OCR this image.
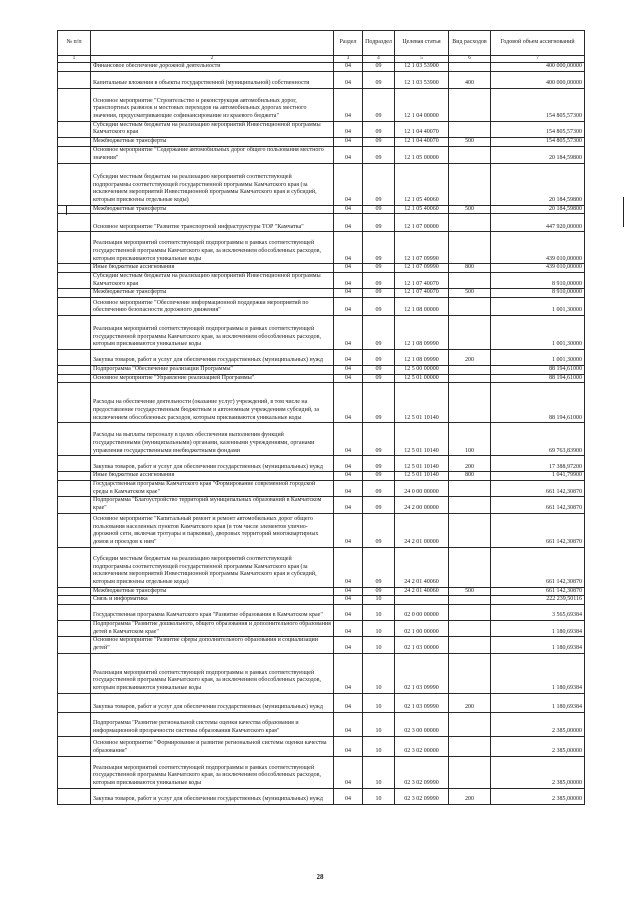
№ п/п		Раздел	Подраздел	Целевая статья	Вид расходов	Годовой объем ассигнований
1	2	3	4	5	6	7
	Финансовое обеспечение дорожной деятельности	04	09	12 1 03 53900		400 000,00000
	Капитальные вложения в объекты государственной (муниципальной) собственности	04	09	12 1 03 53900	400	400 000,00000
	Основное мероприятие "Строительство и реконструкция автомобильных дорог, транспортных развязок и мостовых переходов на автомобильных дорогах местного значения, предусматривающие софинансирование из краевого бюджета"	04	09	12 1 04 00000		154 805,57300
	Субсидии местным бюджетам на реализацию мероприятий Инвестиционной программы Камчатского края	04	09	12 1 04 40070		154 805,57300
	Межбюджетные трансферты	04	09	12 1 04 40070	500	154 805,57300
	Основное мероприятие "Содержание автомобильных дорог общего пользования местного значения"	04	09	12 1 05 00000		20 184,59800
	Субсидии местным бюджетам на реализацию мероприятий соответствующей подпрограммы соответствующей государственной программы Камчатского края (за исключением мероприятий Инвестиционной программы Камчатского края и субсидий, которым присвоены отдельные коды)	04	09	12 1 05 40060		20 184,59800
	Межбюджетные трансферты	04	09	12 1 05 40060	500	20 184,59800
	Основное мероприятие "Развитие транспортной инфраструктуры ТОР "Камчатка"	04	09	12 1 07 00000		447 920,00000
	Реализация мероприятий соответствующей подпрограммы в рамках соответствующей государственной программы Камчатского края, за исключением обособленных расходов, которым присваиваются уникальные коды	04	09	12 1 07 09990		439 010,00000
	Иные бюджетные ассигнования	04	09	12 1 07 09990	800	439 010,00000
	Субсидии местным бюджетам на реализацию мероприятий Инвестиционной программы Камчатского края	04	09	12 1 07 40070		8 910,00000
	Межбюджетные трансферты	04	09	12 1 07 40070	500	8 910,00000
	Основное мероприятие "Обеспечение информационной поддержки мероприятий по обеспечению безопасности дорожного движения"	04	09	12 1 08 00000		1 001,30000
	Реализация мероприятий соответствующей подпрограммы в рамках соответствующей государственной программы Камчатского края, за исключением обособленных расходов, которым присваиваются уникальные коды	04	09	12 1 08 09990		1 001,30000
	Закупка товаров, работ и услуг для обеспечения государственных (муниципальных) нужд	04	09	12 1 08 09990	200	1 001,30000
	Подпрограмма "Обеспечение реализации Программы"	04	09	12 5 00 00000		88 194,61000
	Основное мероприятие "Управление реализацией Программы"	04	09	12 5 01 00000		88 194,61000
	Расходы на обеспечение деятельности (оказание услуг) учреждений, в том числе на предоставление государственным бюджетным и автономным учреждениям субсидий, за исключением обособленных расходов, которым присваиваются уникальные коды	04	09	12 5 01 10140		88 194,61000
	Расходы на выплаты персоналу в целях обеспечения выполнения функций государственными (муниципальными) органами, казенными учреждениями, органами управления государственными внебюджетными фондами	04	09	12 5 01 10140	100	69 763,83900
	Закупка товаров, работ и услуг для обеспечения государственных (муниципальных) нужд	04	09	12 5 01 10140	200	17 388,97200
	Иные бюджетные ассигнования	04	09	12 5 01 10140	800	1 041,79900
	Государственная программа Камчатского края "Формирование современной городской среды в Камчатском крае"	04	09	24 0 00 00000		661 142,30870
	Подпрограмма "Благоустройство территорий муниципальных образований в Камчатском крае"	04	09	24 2 00 00000		661 142,30870
	Основное мероприятие "Капитальный ремонт и ремонт автомобильных дорог общего пользования населенных пунктов Камчатского края (в том числе элементов улично-дорожной сети, включая тротуары и парковки), дворовых территорий многоквартирных домов и проездов к ним"	04	09	24 2 01 00000		661 142,30870
	Субсидии местным бюджетам на реализацию мероприятий соответствующей подпрограммы соответствующей государственной программы Камчатского края (за исключением мероприятий Инвестиционной программы Камчатского края и субсидий, которым присвоены отдельные коды)	04	09	24 2 01 40060		661 142,30870
	Межбюджетные трансферты	04	09	24 2 01 40060	500	661 142,30870
	Связь и информатика	04	10			222 239,50116
	Государственная программа Камчатского края "Развитие образования в Камчатском крае"	04	10	02 0 00 00000		3 565,69384
	Подпрограмма "Развитие дошкольного, общего образования и дополнительного образования детей в Камчатском крае"	04	10	02 1 00 00000		1 180,69384
	Основное мероприятие "Развитие сферы дополнительного образования и социализации детей"	04	10	02 1 03 00000		1 180,69384
	Реализация мероприятий соответствующей подпрограммы в рамках соответствующей государственной программы Камчатского края, за исключением обособленных расходов, которым присваиваются уникальные коды	04	10	02 1 03 09990		1 180,69384
	Закупка товаров, работ и услуг для обеспечения государственных (муниципальных) нужд	04	10	02 1 03 09990	200	1 180,69384
	Подпрограмма "Развитие региональной системы оценки качества образования и информационной прозрачности системы образования Камчатского края"	04	10	02 3 00 00000		2 385,00000
	Основное мероприятие "Формирование и развитие региональной системы оценки качества образования"	04	10	02 3 02 00000		2 385,00000
	Реализация мероприятий соответствующей подпрограммы в рамках соответствующей государственной программы Камчатского края, за исключением обособленных расходов, которым присваиваются уникальные коды	04	10	02 3 02 09990		2 385,00000
	Закупка товаров, работ и услуг для обеспечения государственных (муниципальных) нужд	04	10	02 3 02 09990	200	2 385,00000
28
